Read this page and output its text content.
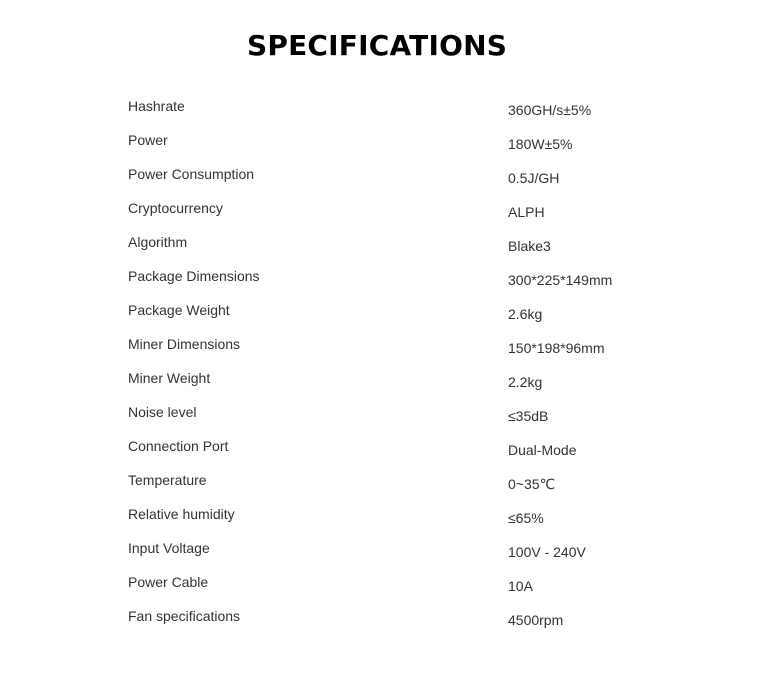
SPECIFICATIONS
Hashrate	360GH/s±5%
Power	180W±5%
Power Consumption	0.5J/GH
Cryptocurrency	ALPH
Algorithm	Blake3
Package Dimensions	300*225*149mm
Package Weight	2.6kg
Miner Dimensions	150*198*96mm
Miner Weight	2.2kg
Noise level	≤35dB
Connection Port	Dual-Mode
Temperature	0~35℃
Relative humidity	≤65%
Input Voltage	100V - 240V
Power Cable	10A
Fan specifications	4500rpm
